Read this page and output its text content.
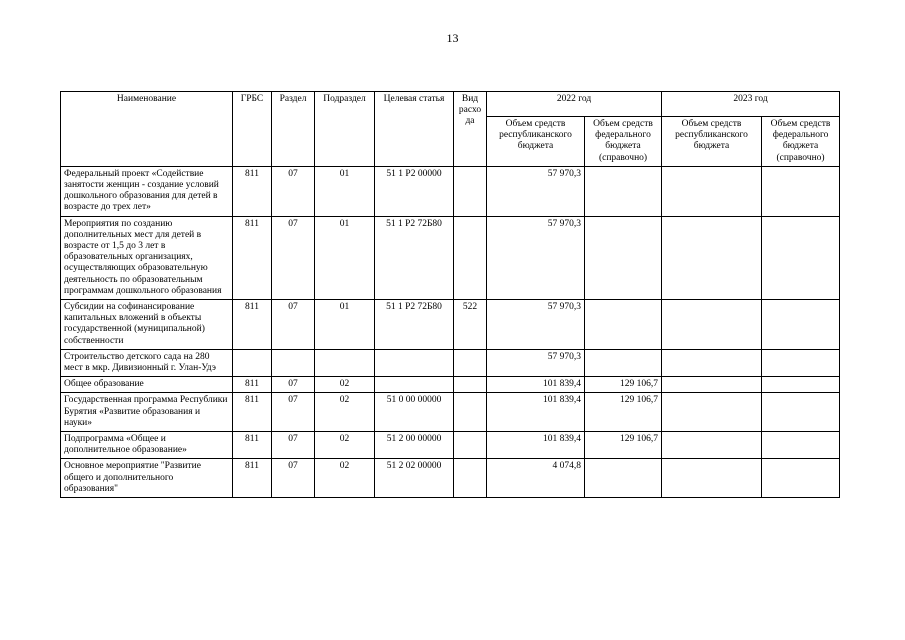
13
Наименование	ГРБС	Раздел	Подраздел	Целевая статья	Вид расхо да	2022 год		2023 год	
						Объем средств республиканского бюджета	Объем средств федерального бюджета (справочно)	Объем средств республиканского бюджета	Объем средств федерального бюджета (справочно)
Федеральный проект «Содействие занятости женщин - создание условий дошкольного образования для детей в возрасте до трех лет»	811	07	01	51 1 P2 00000		57 970,3			
Мероприятия по созданию дополнительных мест для детей в возрасте от 1,5 до 3 лет в образовательных организациях, осуществляющих образовательную деятельность по образовательным программам дошкольного образования	811	07	01	51 1 P2 72Б80		57 970,3			
Субсидии на софинансирование капитальных вложений в объекты государственной (муниципальной) собственности	811	07	01	51 1 P2 72Б80	522	57 970,3			
Строительство детского сада на 280 мест в мкр. Дивизионный г. Улан-Удэ						57 970,3			
Общее образование	811	07	02			101 839,4	129 106,7		
Государственная программа Республики Бурятия «Развитие образования и науки»	811	07	02	51 0 00 00000		101 839,4	129 106,7		
Подпрограмма «Общее и дополнительное образование»	811	07	02	51 2 00 00000		101 839,4	129 106,7		
Основное мероприятие "Развитие общего и дополнительного образования"	811	07	02	51 2 02 00000		4 074,8			
